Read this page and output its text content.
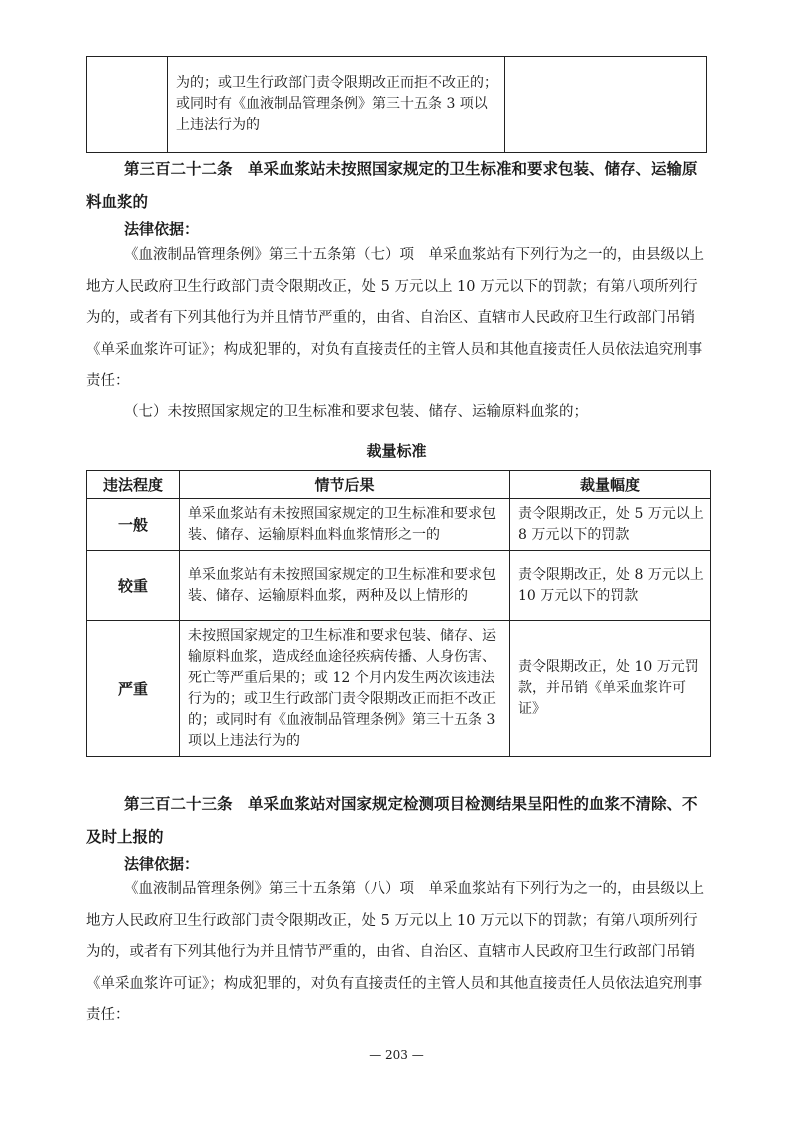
为的；或卫生行政部门责令限期改正而拒不改正的；或同时有《血液制品管理条例》第三十五条 3 项以上违法行为的

第三百二十二条　单采血浆站未按照国家规定的卫生标准和要求包装、储存、运输原料血浆的
法律依据：
《血液制品管理条例》第三十五条第（七）项　单采血浆站有下列行为之一的，由县级以上地方人民政府卫生行政部门责令限期改正，处 5 万元以上 10 万元以下的罚款；有第八项所列行为的，或者有下列其他行为并且情节严重的，由省、自治区、直辖市人民政府卫生行政部门吊销《单采血浆许可证》；构成犯罪的，对负有直接责任的主管人员和其他直接责任人员依法追究刑事责任：
（七）未按照国家规定的卫生标准和要求包装、储存、运输原料血浆的；
裁量标准
违法程度	情节后果	裁量幅度
一般	单采血浆站有未按照国家规定的卫生标准和要求包装、储存、运输原料血料血浆情形之一的	责令限期改正，处 5 万元以上 8 万元以下的罚款

较重	单采血浆站有未按照国家规定的卫生标准和要求包装、储存、运输原料血浆，两种及以上情形的	责令限期改正，处 8 万元以上 10 万元以下的罚款

严重	未按照国家规定的卫生标准和要求包装、储存、运输原料血浆，造成经血途径疾病传播、人身伤害、死亡等严重后果的；或 12 个月内发生两次该违法行为的；或卫生行政部门责令限期改正而拒不改正的；或同时有《血液制品管理条例》第三十五条 3 项以上违法行为的	责令限期改正，处 10 万元罚款，并吊销《单采血浆许可证》
第三百二十三条　单采血浆站对国家规定检测项目检测结果呈阳性的血浆不清除、不及时上报的
法律依据：
《血液制品管理条例》第三十五条第（八）项　单采血浆站有下列行为之一的，由县级以上地方人民政府卫生行政部门责令限期改正，处 5 万元以上 10 万元以下的罚款；有第八项所列行为的，或者有下列其他行为并且情节严重的，由省、自治区、直辖市人民政府卫生行政部门吊销《单采血浆许可证》；构成犯罪的，对负有直接责任的主管人员和其他直接责任人员依法追究刑事责任：
— 203 —
